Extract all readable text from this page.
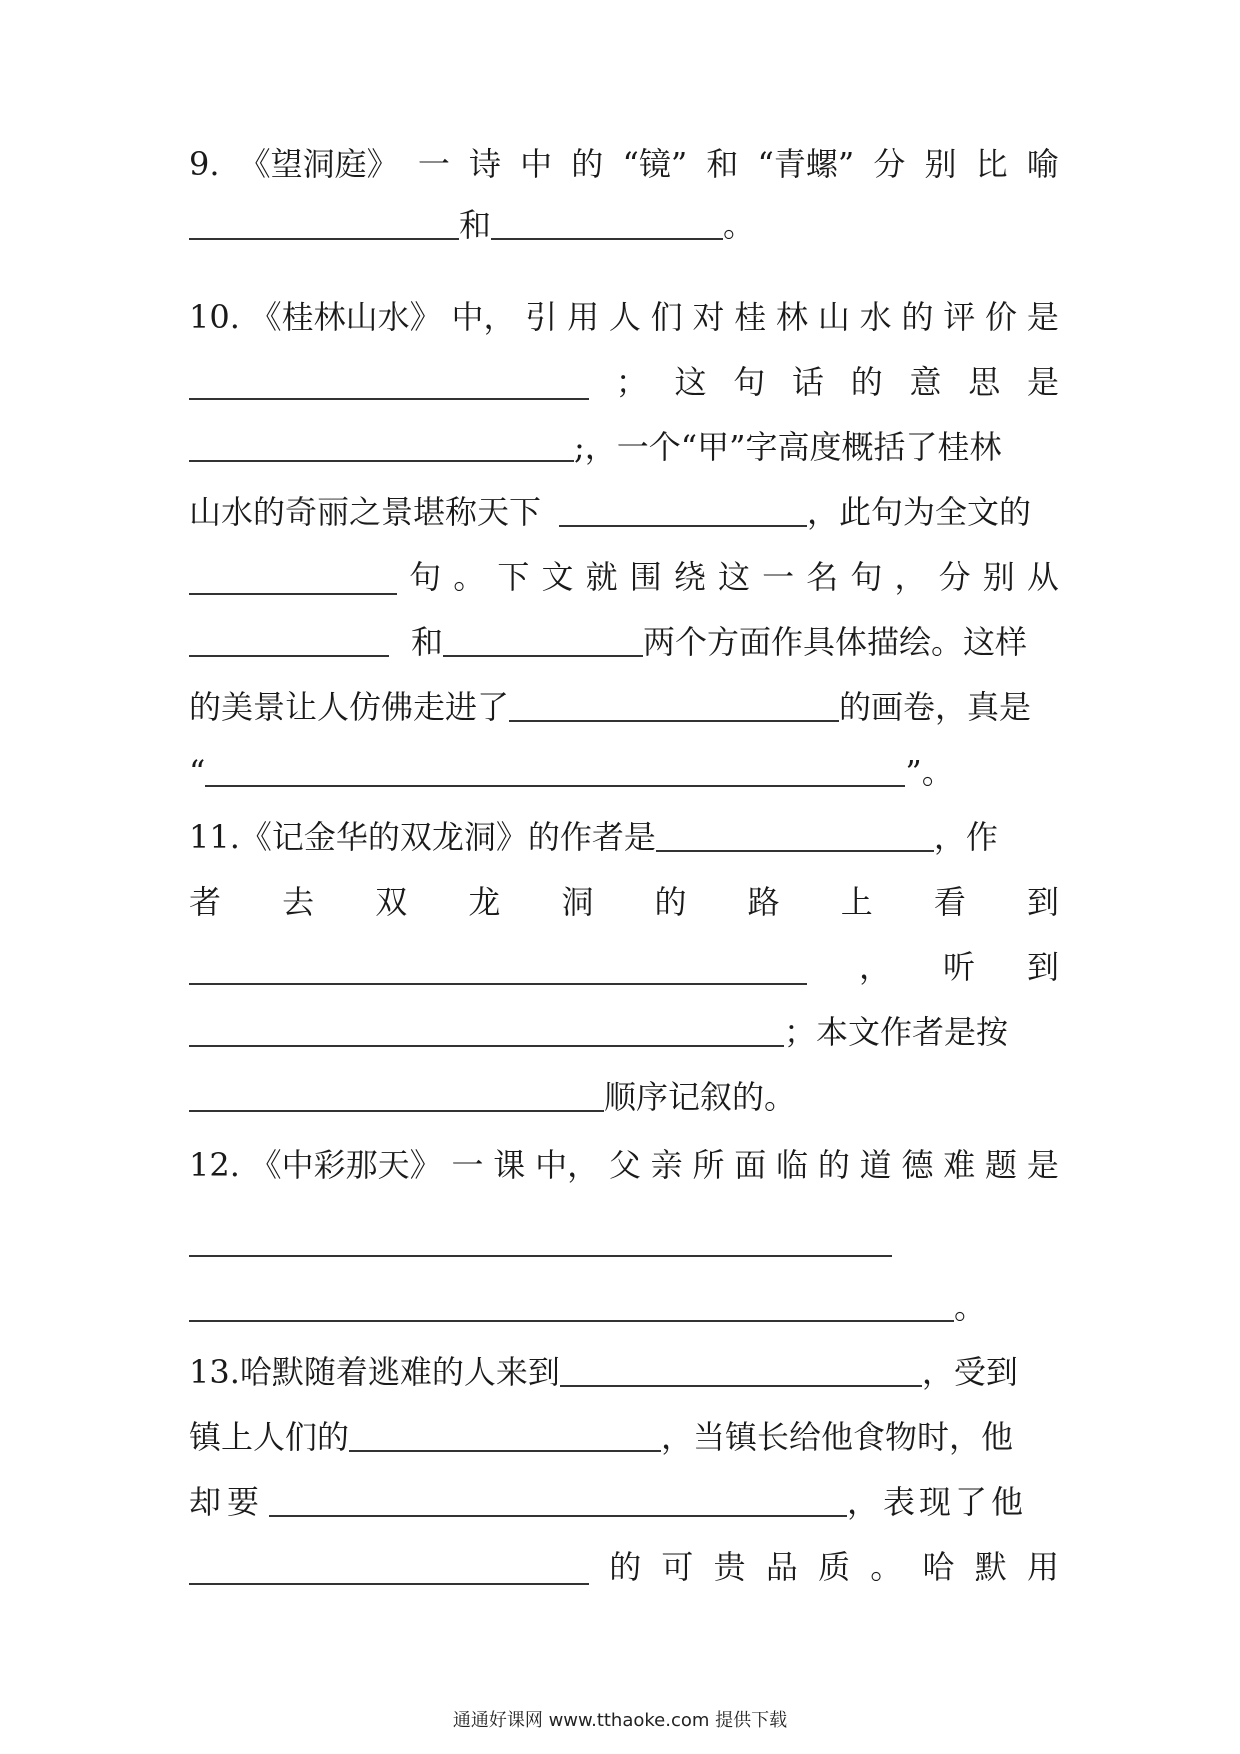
9. 《望洞庭》 一 诗 中 的 “镜” 和 “青螺” 分 别 比 喻
和	。
10. 《桂林山水》 中， 引 用 人 们 对 桂 林 山 水 的 评 价 是
； 这 句 话 的 意 思 是
;，一个“甲”字高度概括了桂林
山水的奇丽之景堪称天下	，此句为全文的
句 。 下 文 就 围 绕 这 一 名 句 ， 分 别 从
和	两个方面作具体描绘。这样
的美景让人仿佛走进了	的画卷，真是
“	”。
11.《记金华的双龙洞》的作者是	，作
者 去 双 龙 洞 的 路 上 看 到
， 听 到
；本文作者是按
顺序记叙的。
12. 《中彩那天》 一 课 中， 父 亲 所 面 临 的 道 德 难 题 是
。
13.哈默随着逃难的人来到	，受到
镇上人们的	，当镇长给他食物时，他
却要	，表现了他
的 可 贵 品 质 。 哈 默 用
通通好课网 www.tthaoke.com 提供下载
